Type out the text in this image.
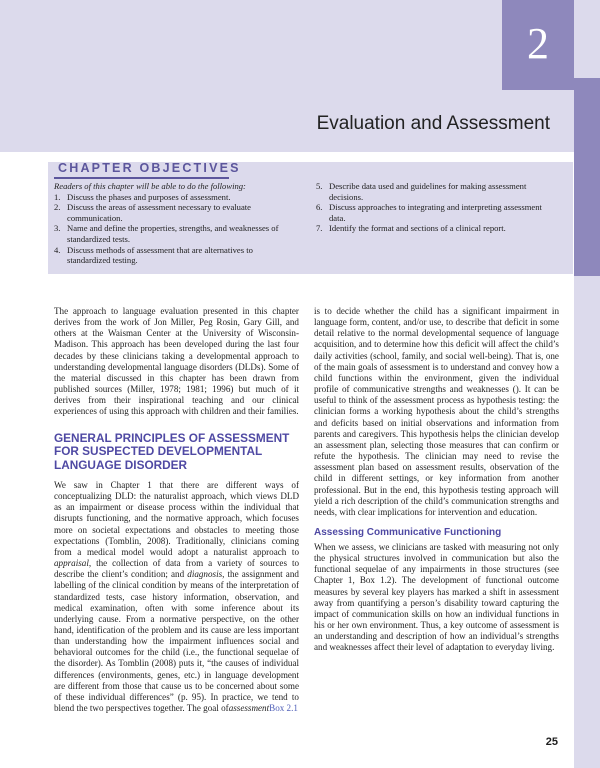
2
Evaluation and Assessment
CHAPTER OBJECTIVES

Readers of this chapter will be able to do the following:

1. Discuss the phases and purposes of assessment.
2. Discuss the areas of assessment necessary to evaluate communication.
3. Name and define the properties, strengths, and weaknesses of standardized tests.
4. Discuss methods of assessment that are alternatives to standardized testing.
5. Describe data used and guidelines for making assessment decisions.
6. Discuss approaches to integrating and interpreting assessment data.
7. Identify the format and sections of a clinical report.

The approach to language evaluation presented in this chapter derives from the work of Jon Miller, Peg Rosin, Gary Gill, and others at the Waisman Center at the University of Wisconsin-Madison. This approach has been developed during the last four decades by these clinicians taking a developmental approach to understanding developmental language disorders (DLDs). Some of the material discussed in this chapter has been drawn from published sources (Miller, 1978; 1981; 1996) but much of it derives from their inspirational teaching and our clinical experiences of using this approach with children and their families.

GENERAL PRINCIPLES OF ASSESSMENT FOR SUSPECTED DEVELOPMENTAL LANGUAGE DISORDER

We saw in Chapter 1 that there are different ways of conceptualizing DLD: the naturalist approach, which views DLD as an impairment or disease process within the individual that disrupts functioning, and the normative approach, which focuses more on societal expectations and obstacles to meeting those expectations (Tomblin, 2008). Traditionally, clinicians coming from a medical model would adopt a naturalist approach to appraisal, the collection of data from a variety of sources to describe the client’s condition; and diagnosis, the assignment and labelling of the clinical condition by means of the interpretation of standardized tests, case history information, observation, and medical examination, often with some inference about its underlying cause. From a normative perspective, on the other hand, identification of the problem and its cause are less important than understanding how the impairment influences social and behavioral outcomes for the child (i.e., the functional sequelae of the disorder). As Tomblin (2008) puts it, “the causes of individual differences (environments, genes, etc.) in language development are different from those that cause us to be concerned about some of these individual differences” (p. 95). In practice, we tend to blend the two perspectives together. The goal ofassessmentBox 2.1

is to decide whether the child has a significant impairment in language form, content, and/or use, to describe that deficit in some detail relative to the normal developmental sequence of language acquisition, and to determine how this deficit will affect the child’s daily activities (school, family, and social well-being). That is, one of the main goals of assessment is to understand and convey how a child functions within the environment, given the individual profile of communicative strengths and weaknesses (). It can be useful to think of the assessment process as hypothesis testing: the clinician forms a working hypothesis about the child’s strengths and deficits based on initial observations and information from parents and caregivers. This hypothesis helps the clinician develop an assessment plan, selecting those measures that can confirm or refute the hypothesis. The clinician may need to revise the assessment plan based on assessment results, observation of the child in different settings, or key information from another professional. But in the end, this hypothesis testing approach will yield a rich description of the child’s communication strengths and needs, with clear implications for intervention and education.

Assessing Communicative Functioning

When we assess, we clinicians are tasked with measuring not only the physical structures involved in communication but also the functional sequelae of any impairments in those structures (see Chapter 1, Box 1.2). The development of functional outcome measures by several key players has marked a shift in assessment away from quantifying a person’s disability toward capturing the impact of communication skills on how an individual functions in his or her own environment. Thus, a key outcome of assessment is an understanding and description of how an individual’s strengths and weaknesses affect their level of adaptation to everyday living.

25
